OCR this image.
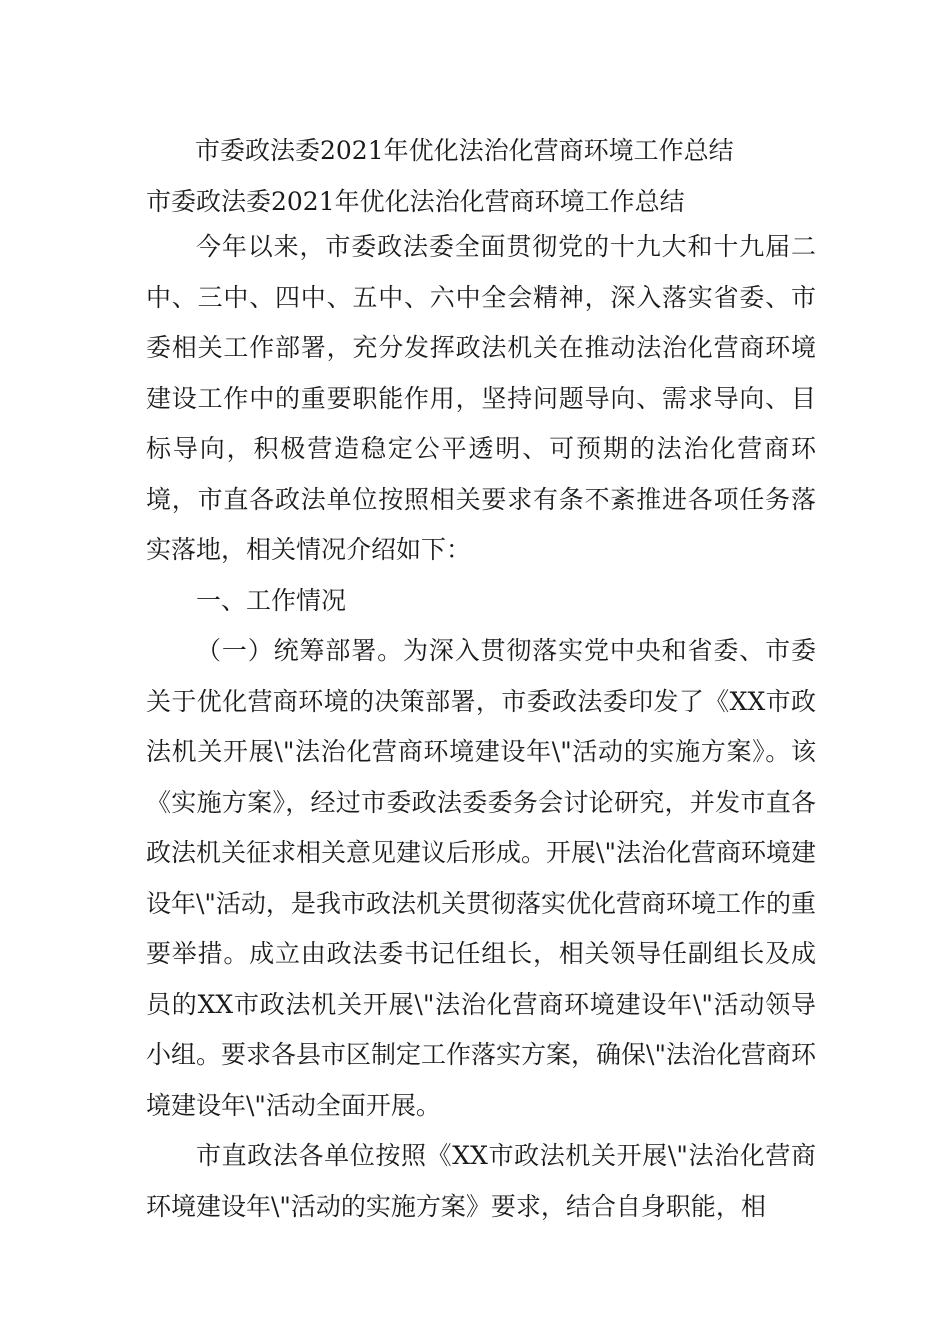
市委政法委2021年优化法治化营商环境工作总结
市委政法委2021年优化法治化营商环境工作总结

今年以来，市委政法委全面贯彻党的十九大和十九届二中、三中、四中、五中、六中全会精神，深入落实省委、市委相关工作部署，充分发挥政法机关在推动法治化营商环境建设工作中的重要职能作用，坚持问题导向、需求导向、目标导向，积极营造稳定公平透明、可预期的法治化营商环境，市直各政法单位按照相关要求有条不紊推进各项任务落实落地，相关情况介绍如下：

一、工作情况

（一）统筹部署。为深入贯彻落实党中央和省委、市委关于优化营商环境的决策部署，市委政法委印发了《XX市政法机关开展\"法治化营商环境建设年\"活动的实施方案》。该《实施方案》，经过市委政法委委务会讨论研究，并发市直各政法机关征求相关意见建议后形成。开展\"法治化营商环境建设年\"活动，是我市政法机关贯彻落实优化营商环境工作的重要举措。成立由政法委书记任组长，相关领导任副组长及成员的XX市政法机关开展\"法治化营商环境建设年\"活动领导小组。要求各县市区制定工作落实方案，确保\"法治化营商环境建设年\"活动全面开展。

市直政法各单位按照《XX市政法机关开展\"法治化营商环境建设年\"活动的实施方案》要求，结合自身职能，相
